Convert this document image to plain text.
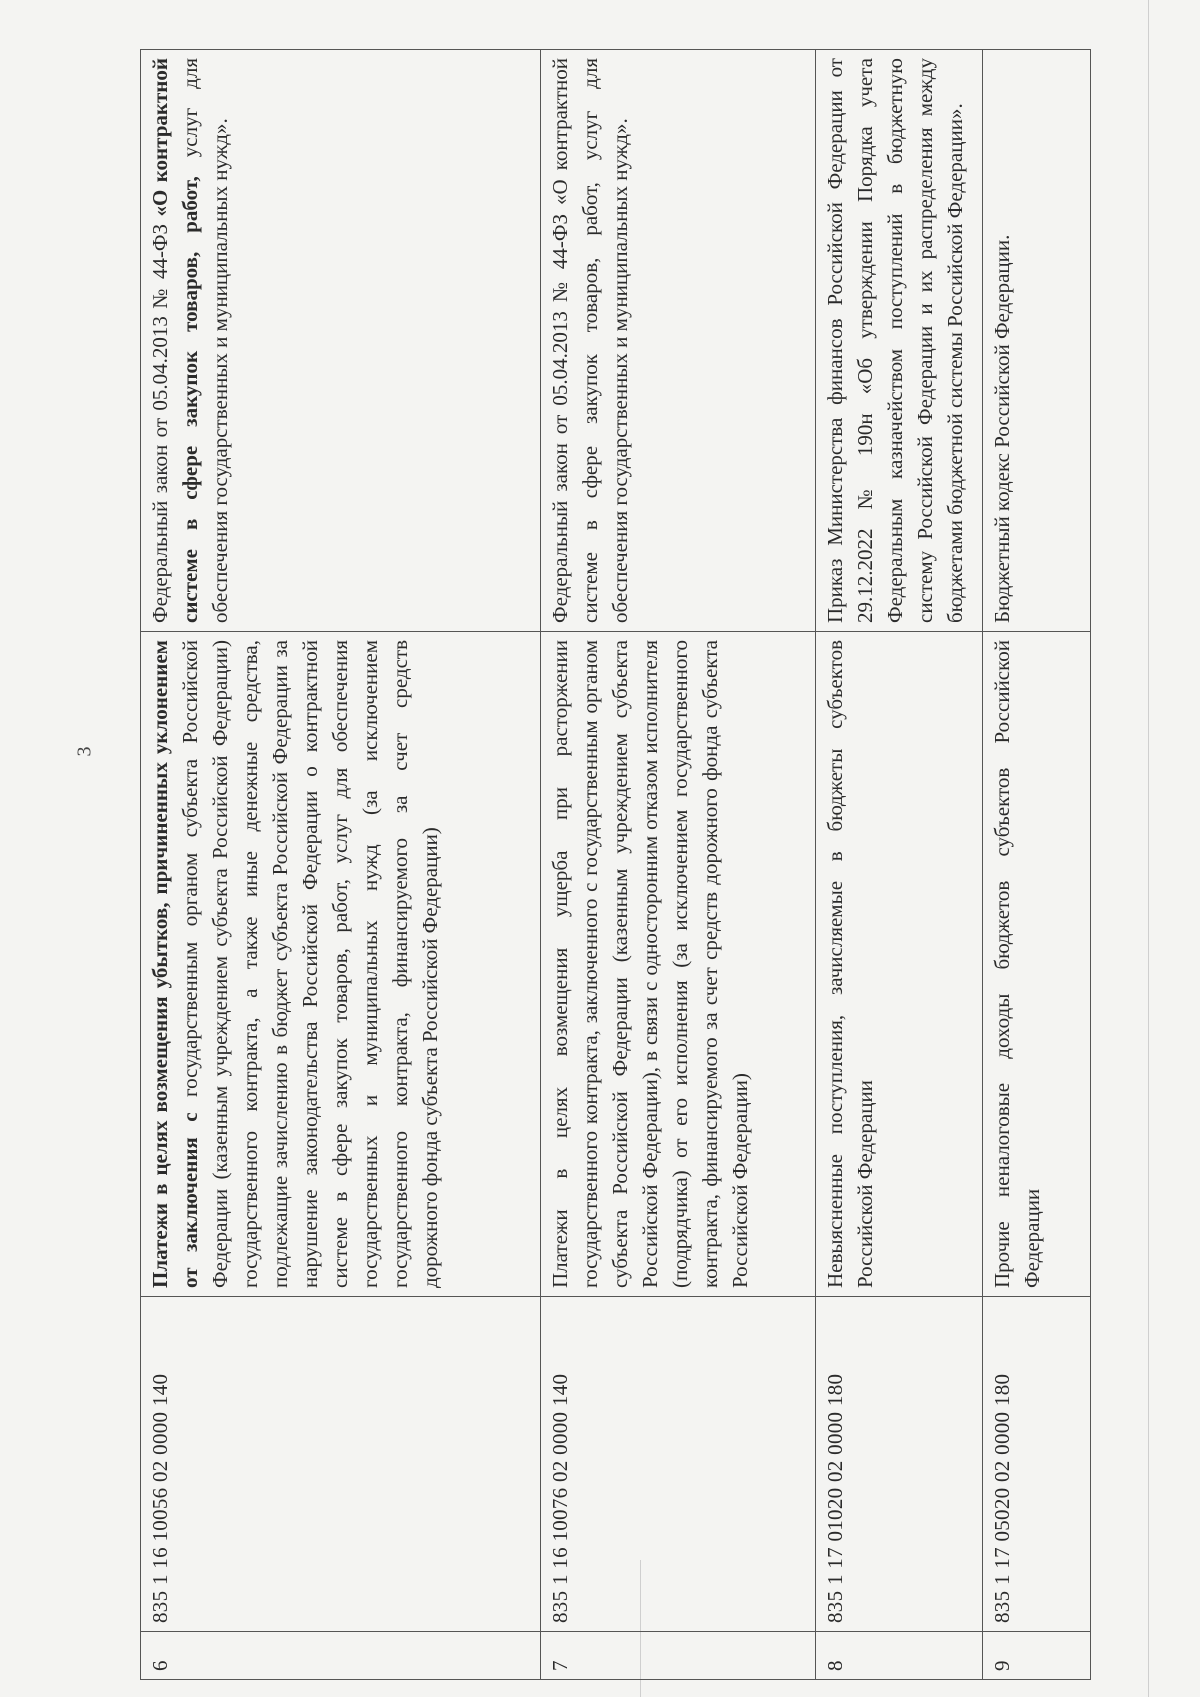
3
6	835 1 16 10056 02 0000 140	Платежи в целях возмещения убытков, причиненных уклонением от заключения с государственным органом субъекта Российской Федерации (казенным учреждением субъекта Российской Федерации) государственного контракта, а также иные денежные средства, подлежащие зачислению в бюджет субъекта Российской Федерации за нарушение законодательства Российской Федерации о контрактной системе в сфере закупок товаров, работ, услуг для обеспечения государственных и муниципальных нужд (за исключением государственного контракта, финансируемого за счет средств дорожного фонда субъекта Российской Федерации)	Федеральный закон от 05.04.2013 № 44-ФЗ «О контрактной системе в сфере закупок товаров, работ, услуг для обеспечения государственных и муниципальных нужд».
7	835 1 16 10076 02 0000 140	Платежи в целях возмещения ущерба при расторжении государственного контракта, заключенного с государственным органом субъекта Российской Федерации (казенным учреждением субъекта Российской Федерации), в связи с односторонним отказом исполнителя (подрядчика) от его исполнения (за исключением государственного контракта, финансируемого за счет средств дорожного фонда субъекта Российской Федерации)	Федеральный закон от 05.04.2013 № 44-ФЗ «О контрактной системе в сфере закупок товаров, работ, услуг для обеспечения государственных и муниципальных нужд».
8	835 1 17 01020 02 0000 180	Невыясненные поступления, зачисляемые в бюджеты субъектов Российской Федерации	Приказ Министерства финансов Российской Федерации от 29.12.2022 № 190н «Об утверждении Порядка учета Федеральным казначейством поступлений в бюджетную систему Российской Федерации и их распределения между бюджетами бюджетной системы Российской Федерации».
9	835 1 17 05020 02 0000 180	Прочие неналоговые доходы бюджетов субъектов Российской Федерации	Бюджетный кодекс Российской Федерации.
